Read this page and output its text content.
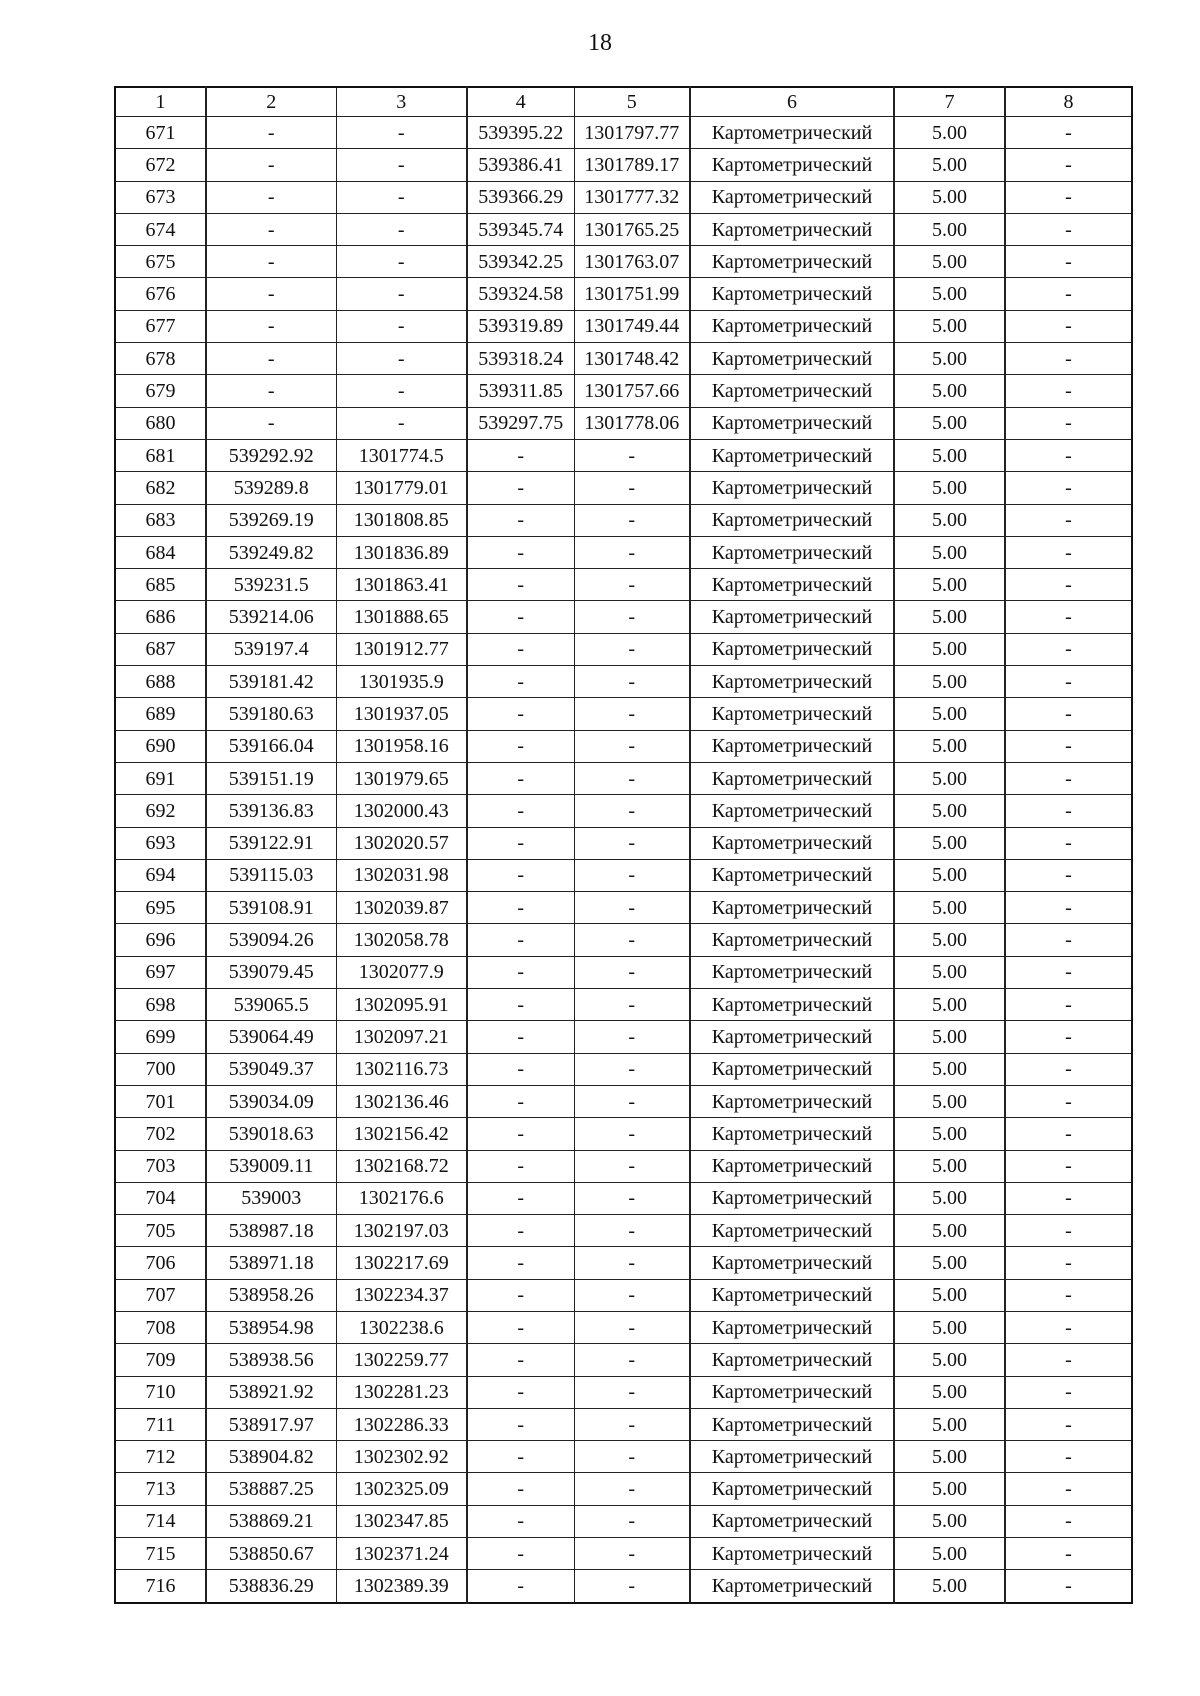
18
1	2	3	4	5	6	7	8
671	-	-	539395.22	1301797.77	Картометрический	5.00	-
672	-	-	539386.41	1301789.17	Картометрический	5.00	-
673	-	-	539366.29	1301777.32	Картометрический	5.00	-
674	-	-	539345.74	1301765.25	Картометрический	5.00	-
675	-	-	539342.25	1301763.07	Картометрический	5.00	-
676	-	-	539324.58	1301751.99	Картометрический	5.00	-
677	-	-	539319.89	1301749.44	Картометрический	5.00	-
678	-	-	539318.24	1301748.42	Картометрический	5.00	-
679	-	-	539311.85	1301757.66	Картометрический	5.00	-
680	-	-	539297.75	1301778.06	Картометрический	5.00	-
681	539292.92	1301774.5	-	-	Картометрический	5.00	-
682	539289.8	1301779.01	-	-	Картометрический	5.00	-
683	539269.19	1301808.85	-	-	Картометрический	5.00	-
684	539249.82	1301836.89	-	-	Картометрический	5.00	-
685	539231.5	1301863.41	-	-	Картометрический	5.00	-
686	539214.06	1301888.65	-	-	Картометрический	5.00	-
687	539197.4	1301912.77	-	-	Картометрический	5.00	-
688	539181.42	1301935.9	-	-	Картометрический	5.00	-
689	539180.63	1301937.05	-	-	Картометрический	5.00	-
690	539166.04	1301958.16	-	-	Картометрический	5.00	-
691	539151.19	1301979.65	-	-	Картометрический	5.00	-
692	539136.83	1302000.43	-	-	Картометрический	5.00	-
693	539122.91	1302020.57	-	-	Картометрический	5.00	-
694	539115.03	1302031.98	-	-	Картометрический	5.00	-
695	539108.91	1302039.87	-	-	Картометрический	5.00	-
696	539094.26	1302058.78	-	-	Картометрический	5.00	-
697	539079.45	1302077.9	-	-	Картометрический	5.00	-
698	539065.5	1302095.91	-	-	Картометрический	5.00	-
699	539064.49	1302097.21	-	-	Картометрический	5.00	-
700	539049.37	1302116.73	-	-	Картометрический	5.00	-
701	539034.09	1302136.46	-	-	Картометрический	5.00	-
702	539018.63	1302156.42	-	-	Картометрический	5.00	-
703	539009.11	1302168.72	-	-	Картометрический	5.00	-
704	539003	1302176.6	-	-	Картометрический	5.00	-
705	538987.18	1302197.03	-	-	Картометрический	5.00	-
706	538971.18	1302217.69	-	-	Картометрический	5.00	-
707	538958.26	1302234.37	-	-	Картометрический	5.00	-
708	538954.98	1302238.6	-	-	Картометрический	5.00	-
709	538938.56	1302259.77	-	-	Картометрический	5.00	-
710	538921.92	1302281.23	-	-	Картометрический	5.00	-
711	538917.97	1302286.33	-	-	Картометрический	5.00	-
712	538904.82	1302302.92	-	-	Картометрический	5.00	-
713	538887.25	1302325.09	-	-	Картометрический	5.00	-
714	538869.21	1302347.85	-	-	Картометрический	5.00	-
715	538850.67	1302371.24	-	-	Картометрический	5.00	-
716	538836.29	1302389.39	-	-	Картометрический	5.00	-
